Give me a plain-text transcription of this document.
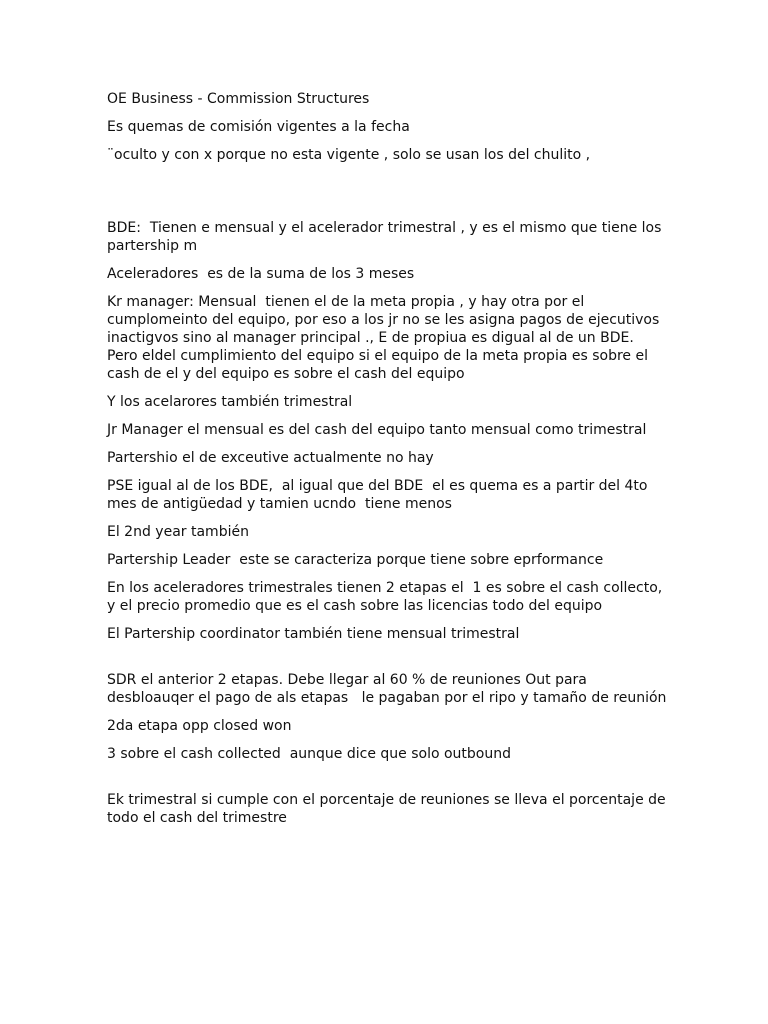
OE Business - Commission Structures

Es quemas de comisión vigentes a la fecha

¨oculto y con x porque no esta vigente , solo se usan los del chulito ,

BDE:  Tienen e mensual y el acelerador trimestral , y es el mismo que tiene los partership m

Aceleradores  es de la suma de los 3 meses

Kr manager: Mensual  tienen el de la meta propia , y hay otra por el cumplomeinto del equipo, por eso a los jr no se les asigna pagos de ejecutivos inactigvos sino al manager principal ., E de propiua es digual al de un BDE. Pero eldel cumplimiento del equipo si el equipo de la meta propia es sobre el cash de el y del equipo es sobre el cash del equipo

Y los acelarores también trimestral

Jr Manager el mensual es del cash del equipo tanto mensual como trimestral

Partershio el de exceutive actualmente no hay

PSE igual al de los BDE,  al igual que del BDE  el es quema es a partir del 4to mes de antigüedad y tamien ucndo  tiene menos

El 2nd year también

Partership Leader  este se caracteriza porque tiene sobre eprformance

En los aceleradores trimestrales tienen 2 etapas el  1 es sobre el cash collecto, y el precio promedio que es el cash sobre las licencias todo del equipo

El Partership coordinator también tiene mensual trimestral

SDR el anterior 2 etapas. Debe llegar al 60 % de reuniones Out para desbloauqer el pago de als etapas   le pagaban por el ripo y tamaño de reunión

2da etapa opp closed won

3 sobre el cash collected  aunque dice que solo outbound

Ek trimestral si cumple con el porcentaje de reuniones se lleva el porcentaje de todo el cash del trimestre
